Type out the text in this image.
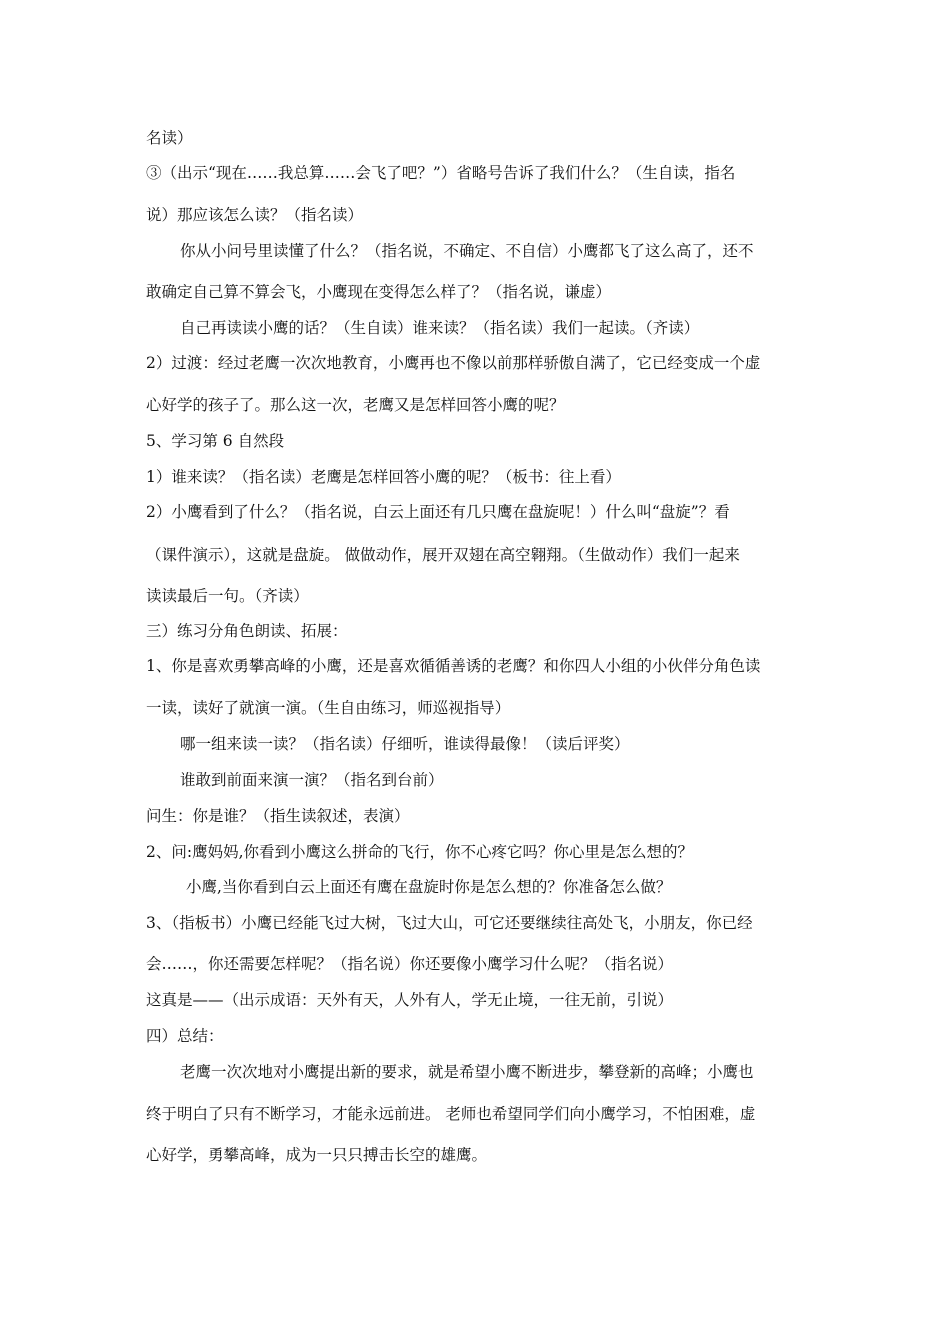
名读）
③（出示“现在……我总算……会飞了吧？”）省略号告诉了我们什么？（生自读，指名
说）那应该怎么读？（指名读）
你从小问号里读懂了什么？（指名说，不确定、不自信）小鹰都飞了这么高了，还不
敢确定自己算不算会飞，小鹰现在变得怎么样了？（指名说，谦虚）
自己再读读小鹰的话？（生自读）谁来读？（指名读）我们一起读。（齐读）
2）过渡：经过老鹰一次次地教育，小鹰再也不像以前那样骄傲自满了，它已经变成一个虚
心好学的孩子了。那么这一次，老鹰又是怎样回答小鹰的呢？
5、学习第 6 自然段
1）谁来读？（指名读）老鹰是怎样回答小鹰的呢？（板书：往上看）
2）小鹰看到了什么？（指名说，白云上面还有几只鹰在盘旋呢！）什么叫“盘旋”？看
（课件演示），这就是盘旋。 做做动作，展开双翅在高空翱翔。（生做动作）我们一起来
读读最后一句。（齐读）
三）练习分角色朗读、拓展：
1、你是喜欢勇攀高峰的小鹰，还是喜欢循循善诱的老鹰？和你四人小组的小伙伴分角色读
一读，读好了就演一演。（生自由练习，师巡视指导）
哪一组来读一读？（指名读）仔细听，谁读得最像！（读后评奖）
谁敢到前面来演一演？（指名到台前）
问生：你是谁？（指生读叙述，表演）
2、问:鹰妈妈,你看到小鹰这么拼命的飞行，你不心疼它吗？你心里是怎么想的？
小鹰,当你看到白云上面还有鹰在盘旋时你是怎么想的？你准备怎么做？
3、（指板书）小鹰已经能飞过大树，飞过大山，可它还要继续往高处飞，小朋友，你已经
会……，你还需要怎样呢？（指名说）你还要像小鹰学习什么呢？（指名说）
这真是——（出示成语：天外有天，人外有人，学无止境，一往无前，引说）
四）总结：
老鹰一次次地对小鹰提出新的要求，就是希望小鹰不断进步，攀登新的高峰；小鹰也
终于明白了只有不断学习，才能永远前进。 老师也希望同学们向小鹰学习，不怕困难，虚
心好学，勇攀高峰，成为一只只搏击长空的雄鹰。
